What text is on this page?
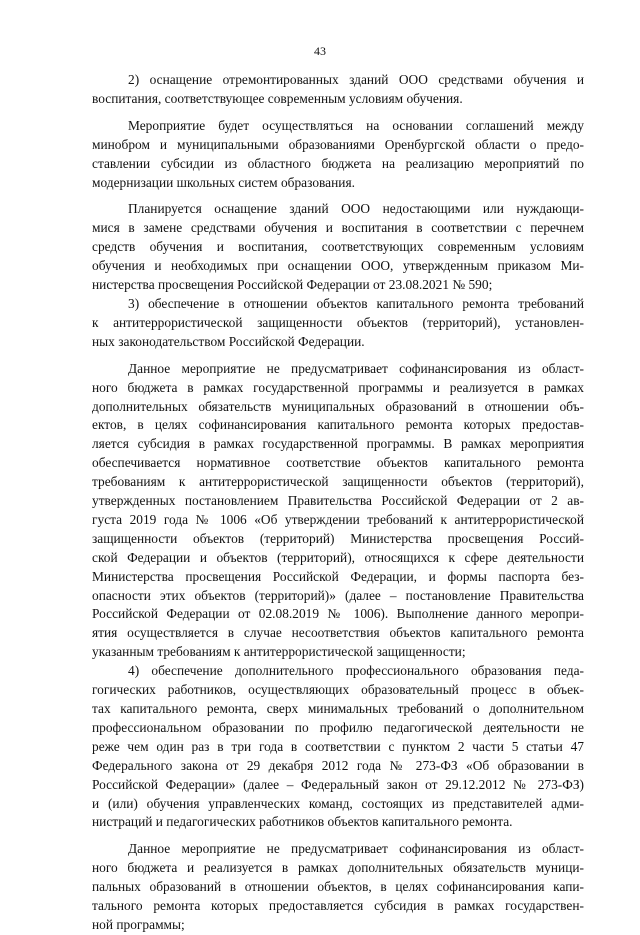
43
2) оснащение отремонтированных зданий ООО средствами обучения и
воспитания, соответствующее современным условиям обучения.
Мероприятие будет осуществляться на основании соглашений между
минобром и муниципальными образованиями Оренбургской области о предо-
ставлении субсидии из областного бюджета на реализацию мероприятий по
модернизации школьных систем образования.
Планируется оснащение зданий ООО недостающими или нуждающи-
мися в замене средствами обучения и воспитания в соответствии с перечнем
средств обучения и воспитания, соответствующих современным условиям
обучения и необходимых при оснащении ООО, утвержденным приказом Ми-
нистерства просвещения Российской Федерации от 23.08.2021 № 590;
3) обеспечение в отношении объектов капитального ремонта требований
к антитеррористической защищенности объектов (территорий), установлен-
ных законодательством Российской Федерации.
Данное мероприятие не предусматривает софинансирования из област-
ного бюджета в рамках государственной программы и реализуется в рамках
дополнительных обязательств муниципальных образований в отношении объ-
ектов, в целях софинансирования капитального ремонта которых предостав-
ляется субсидия в рамках государственной программы. В рамках мероприятия
обеспечивается нормативное соответствие объектов капитального ремонта
требованиям к антитеррористической защищенности объектов (территорий),
утвержденных постановлением Правительства Российской Федерации от 2 ав-
густа 2019 года № 1006 «Об утверждении требований к антитеррористической
защищенности объектов (территорий) Министерства просвещения Россий-
ской Федерации и объектов (территорий), относящихся к сфере деятельности
Министерства просвещения Российской Федерации, и формы паспорта без-
опасности этих объектов (территорий)» (далее – постановление Правительства
Российской Федерации от 02.08.2019 № 1006). Выполнение данного меропри-
ятия осуществляется в случае несоответствия объектов капитального ремонта
указанным требованиям к антитеррористической защищенности;
4) обеспечение дополнительного профессионального образования педа-
гогических работников, осуществляющих образовательный процесс в объек-
тах капитального ремонта, сверх минимальных требований о дополнительном
профессиональном образовании по профилю педагогической деятельности не
реже чем один раз в три года в соответствии с пунктом 2 части 5 статьи 47
Федерального закона от 29 декабря 2012 года № 273-ФЗ «Об образовании в
Российской Федерации» (далее – Федеральный закон от 29.12.2012 № 273-ФЗ)
и (или) обучения управленческих команд, состоящих из представителей адми-
нистраций и педагогических работников объектов капитального ремонта.
Данное мероприятие не предусматривает софинансирования из област-
ного бюджета и реализуется в рамках дополнительных обязательств муници-
пальных образований в отношении объектов, в целях софинансирования капи-
тального ремонта которых предоставляется субсидия в рамках государствен-
ной программы;
